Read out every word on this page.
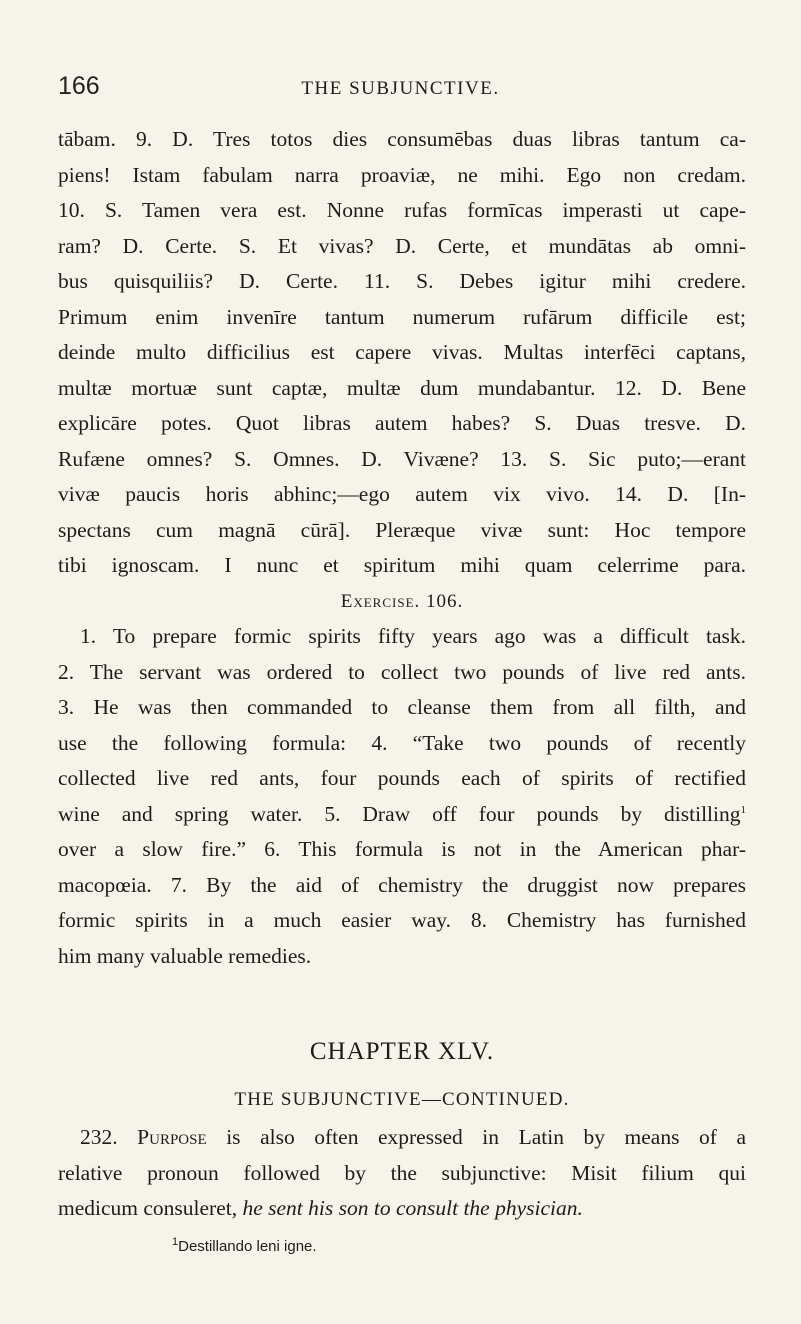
166	THE SUBJUNCTIVE.
tābam. 9. D. Tres totos dies consumēbas duas libras tantum ca-
piens! Istam fabulam narra proaviæ, ne mihi. Ego non credam.
10. S. Tamen vera est. Nonne rufas formīcas imperasti ut cape-
ram? D. Certe. S. Et vivas? D. Certe, et mundātas ab omni-
bus quisquiliis? D. Certe. 11. S. Debes igitur mihi credere.
Primum enim invenīre tantum numerum rufārum difficile est;
deinde multo difficilius est capere vivas. Multas interfēci captans,
multæ mortuæ sunt captæ, multæ dum mundabantur. 12. D. Bene
explicāre potes. Quot libras autem habes? S. Duas tresve. D.
Rufæne omnes? S. Omnes. D. Vivæne? 13. S. Sic puto;—erant
vivæ paucis horis abhinc;—ego autem vix vivo. 14. D. [In-
spectans cum magnā cūrā]. Pleræque vivæ sunt: Hoc tempore
tibi ignoscam. I nunc et spiritum mihi quam celerrime para.
Exercise. 106.
1. To prepare formic spirits fifty years ago was a difficult task.
2. The servant was ordered to collect two pounds of live red ants.
3. He was then commanded to cleanse them from all filth, and
use the following formula: 4. “Take two pounds of recently
collected live red ants, four pounds each of spirits of rectified
wine and spring water. 5. Draw off four pounds by distilling$^1$
over a slow fire.” 6. This formula is not in the American phar-
macopœia. 7. By the aid of chemistry the druggist now prepares
formic spirits in a much easier way. 8. Chemistry has furnished
him many valuable remedies.
CHAPTER XLV.
THE SUBJUNCTIVE—CONTINUED.
232. Purpose is also often expressed in Latin by means of a
relative pronoun followed by the subjunctive: Misit filium qui
medicum consuleret, he sent his son to consult the physician.
$^1$Destillando leni igne.
